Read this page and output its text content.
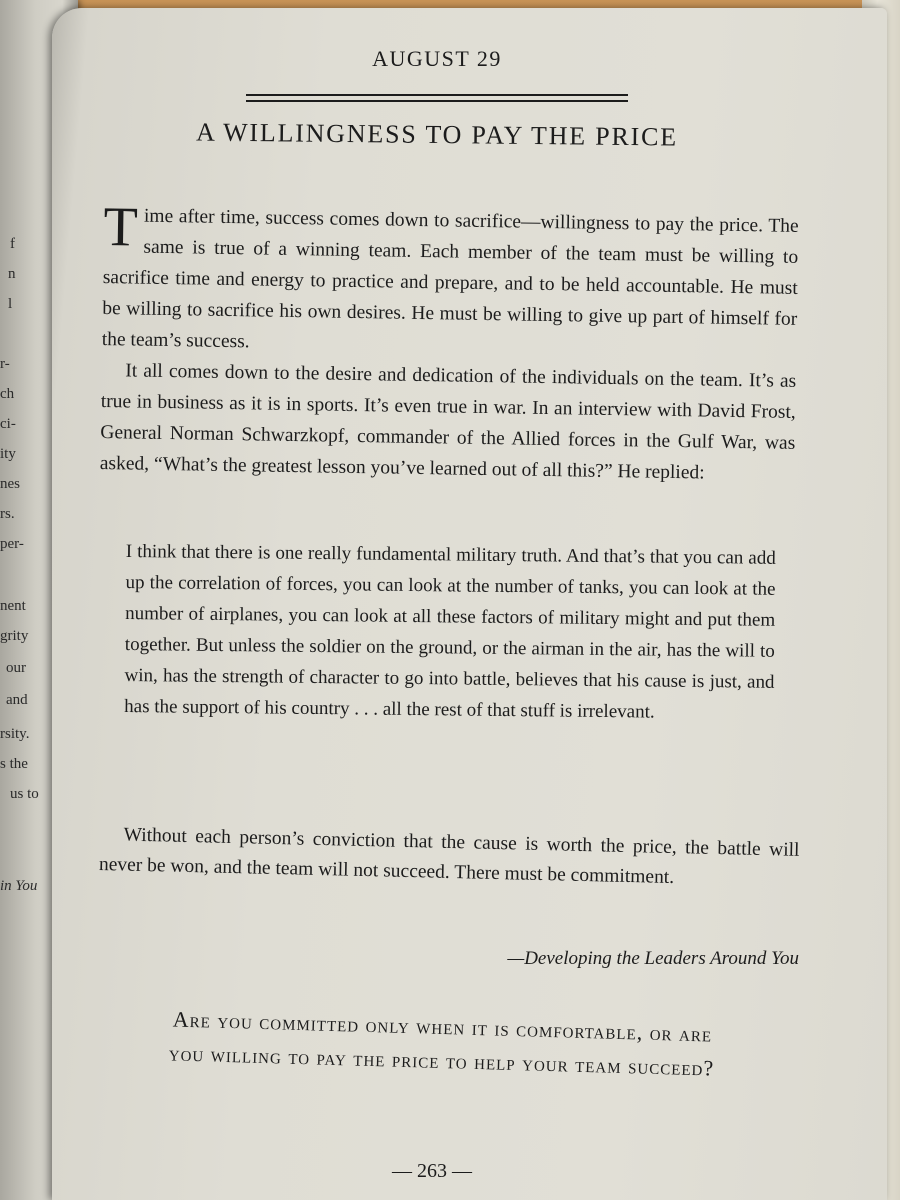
f
n
l
r-
ch
ci-
ity
nes
rs.
per-
nent
grity
our
and
rsity.
s the
us to
in You
AUGUST 29
A WILLINGNESS TO PAY THE PRICE

Time after time, success comes down to sacrifice—willingness to pay the price. The same is true of a winning team. Each member of the team must be willing to sacrifice time and energy to practice and prepare, and to be held accountable. He must be willing to sacrifice his own desires. He must be willing to give up part of himself for the team’s success.

It all comes down to the desire and dedication of the individuals on the team. It’s as true in business as it is in sports. It’s even true in war. In an interview with David Frost, General Norman Schwarzkopf, commander of the Allied forces in the Gulf War, was asked, “What’s the greatest lesson you’ve learned out of all this?” He replied:

I think that there is one really fundamental military truth. And that’s that you can add up the correlation of forces, you can look at the number of tanks, you can look at the number of airplanes, you can look at all these factors of military might and put them together. But unless the soldier on the ground, or the airman in the air, has the will to win, has the strength of character to go into battle, believes that his cause is just, and has the support of his country . . . all the rest of that stuff is irrelevant.

Without each person’s conviction that the cause is worth the price, the battle will never be won, and the team will not succeed. There must be commitment.

—Developing the Leaders Around You

Are you committed only when it is comfortable, or are you willing to pay the price to help your team succeed?

— 263 —
